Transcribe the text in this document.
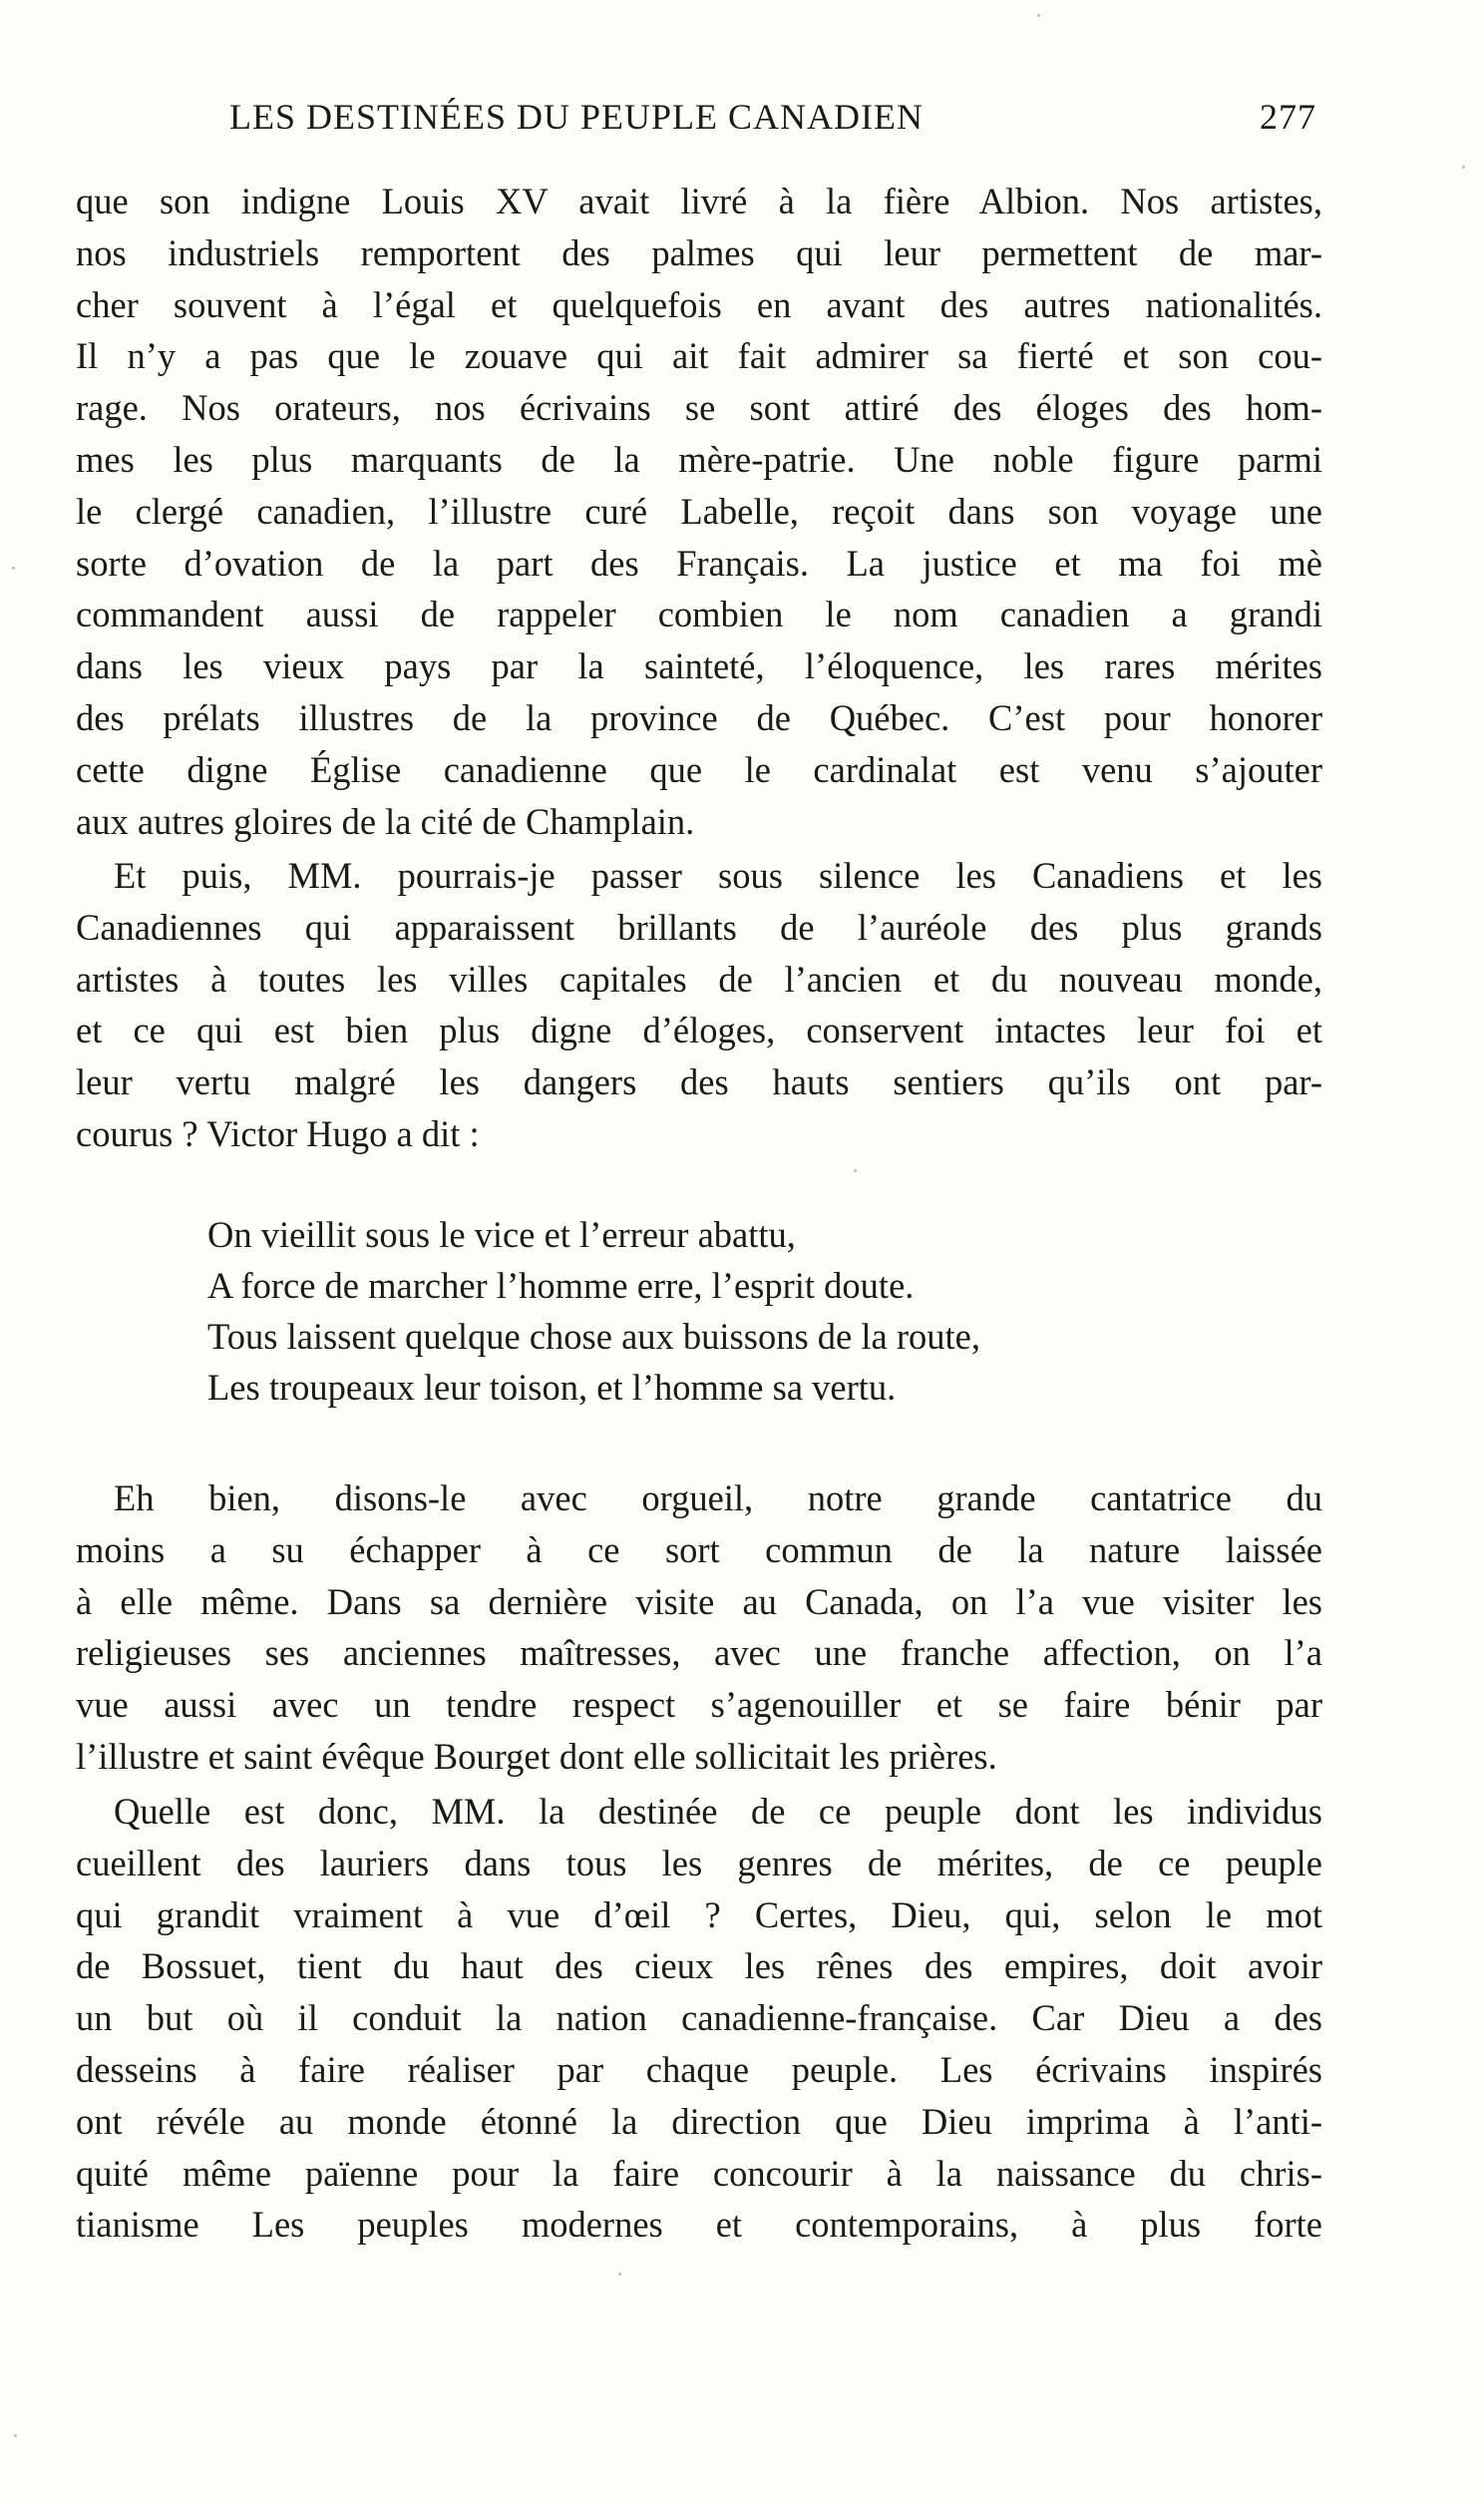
LES DESTINÉES DU PEUPLE CANADIEN	277
que son indigne Louis XV avait livré à la fière Albion. Nos artistes,
nos industriels remportent des palmes qui leur permettent de mar-
cher souvent à l’égal et quelquefois en avant des autres nationalités.
Il n’y a pas que le zouave qui ait fait admirer sa fierté et son cou-
rage. Nos orateurs, nos écrivains se sont attiré des éloges des hom-
mes les plus marquants de la mère-patrie. Une noble figure parmi
le clergé canadien, l’illustre curé Labelle, reçoit dans son voyage une
sorte d’ovation de la part des Français. La justice et ma foi mè
commandent aussi de rappeler combien le nom canadien a grandi
dans les vieux pays par la sainteté, l’éloquence, les rares mérites
des prélats illustres de la province de Québec. C’est pour honorer
cette digne Église canadienne que le cardinalat est venu s’ajouter
aux autres gloires de la cité de Champlain.
Et puis, MM. pourrais-je passer sous silence les Canadiens et les
Canadiennes qui apparaissent brillants de l’auréole des plus grands
artistes à toutes les villes capitales de l’ancien et du nouveau monde,
et ce qui est bien plus digne d’éloges, conservent intactes leur foi et
leur vertu malgré les dangers des hauts sentiers qu’ils ont par-
courus ? Victor Hugo a dit :
On vieillit sous le vice et l’erreur abattu,
A force de marcher l’homme erre, l’esprit doute.
Tous laissent quelque chose aux buissons de la route,
Les troupeaux leur toison, et l’homme sa vertu.
Eh bien, disons-le avec orgueil, notre grande cantatrice du
moins a su échapper à ce sort commun de la nature laissée
à elle même. Dans sa dernière visite au Canada, on l’a vue visiter les
religieuses ses anciennes maîtresses, avec une franche affection, on l’a
vue aussi avec un tendre respect s’agenouiller et se faire bénir par
l’illustre et saint évêque Bourget dont elle sollicitait les prières.
Quelle est donc, MM. la destinée de ce peuple dont les individus
cueillent des lauriers dans tous les genres de mérites, de ce peuple
qui grandit vraiment à vue d’œil ? Certes, Dieu, qui, selon le mot
de Bossuet, tient du haut des cieux les rênes des empires, doit avoir
un but où il conduit la nation canadienne-française. Car Dieu a des
desseins à faire réaliser par chaque peuple. Les écrivains inspirés
ont révéle au monde étonné la direction que Dieu imprima à l’anti-
quité même païenne pour la faire concourir à la naissance du chris-
tianisme Les peuples modernes et contemporains, à plus forte
